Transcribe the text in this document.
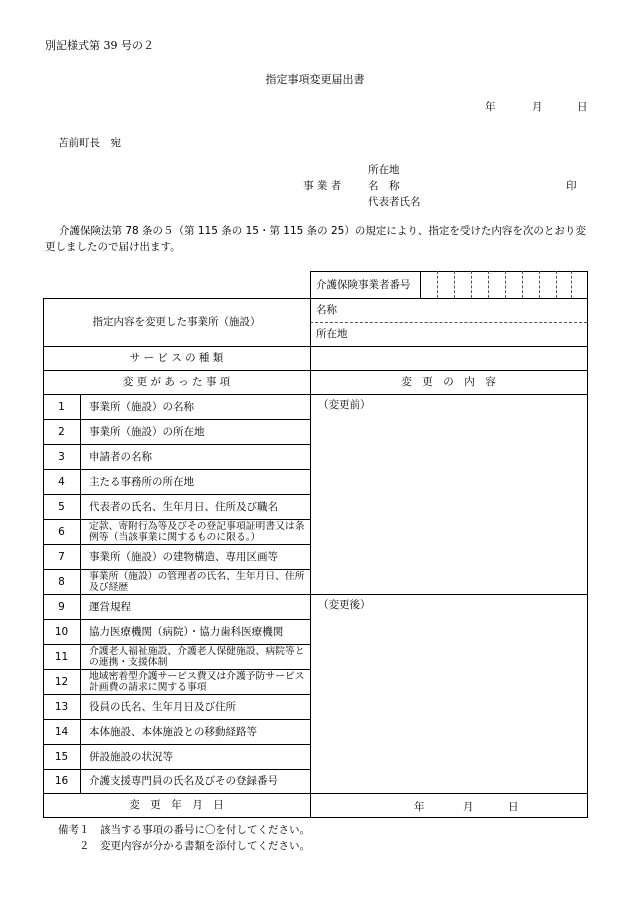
別記様式第 39 号の２
指定事項変更届出書
年	月	日
苫前町長　宛
所在地
事 業 者	名　称	印
代表者氏名
介護保険法第 78 条の５（第 115 条の 15・第 115 条の 25）の規定により、指定を受けた内容を次のとおり変更しましたので届け出ます。
介護保険事業者番号
指定内容を変更した事業所（施設）
名称
所在地
サ ー ビ ス の 種 類
変 更 が あ っ た 事 項	変　更　の　内　容
（変更前）
（変更後）
1	事業所（施設）の名称
2	事業所（施設）の所在地
3	申請者の名称
4	主たる事務所の所在地
5	代表者の氏名、生年月日、住所及び職名
6	定款、寄附行為等及びその登記事項証明書又は条例等（当該事業に関するものに限る。）
7	事業所（施設）の建物構造、専用区画等
8	事業所（施設）の管理者の氏名、生年月日、住所及び経歴
9	運営規程
10	協力医療機関（病院）・協力歯科医療機関
11	介護老人福祉施設、介護老人保健施設、病院等との連携・支援体制
12	地域密着型介護サービス費又は介護予防サービス計画費の請求に関する事項
13	役員の氏名、生年月日及び住所
14	本体施設、本体施設との移動経路等
15	併設施設の状況等
16	介護支援専門員の氏名及びその登録番号
変　更　年　月　日	年	月	日
備考１　該当する事項の番号に〇を付してください。
　　２　変更内容が分かる書類を添付してください。
